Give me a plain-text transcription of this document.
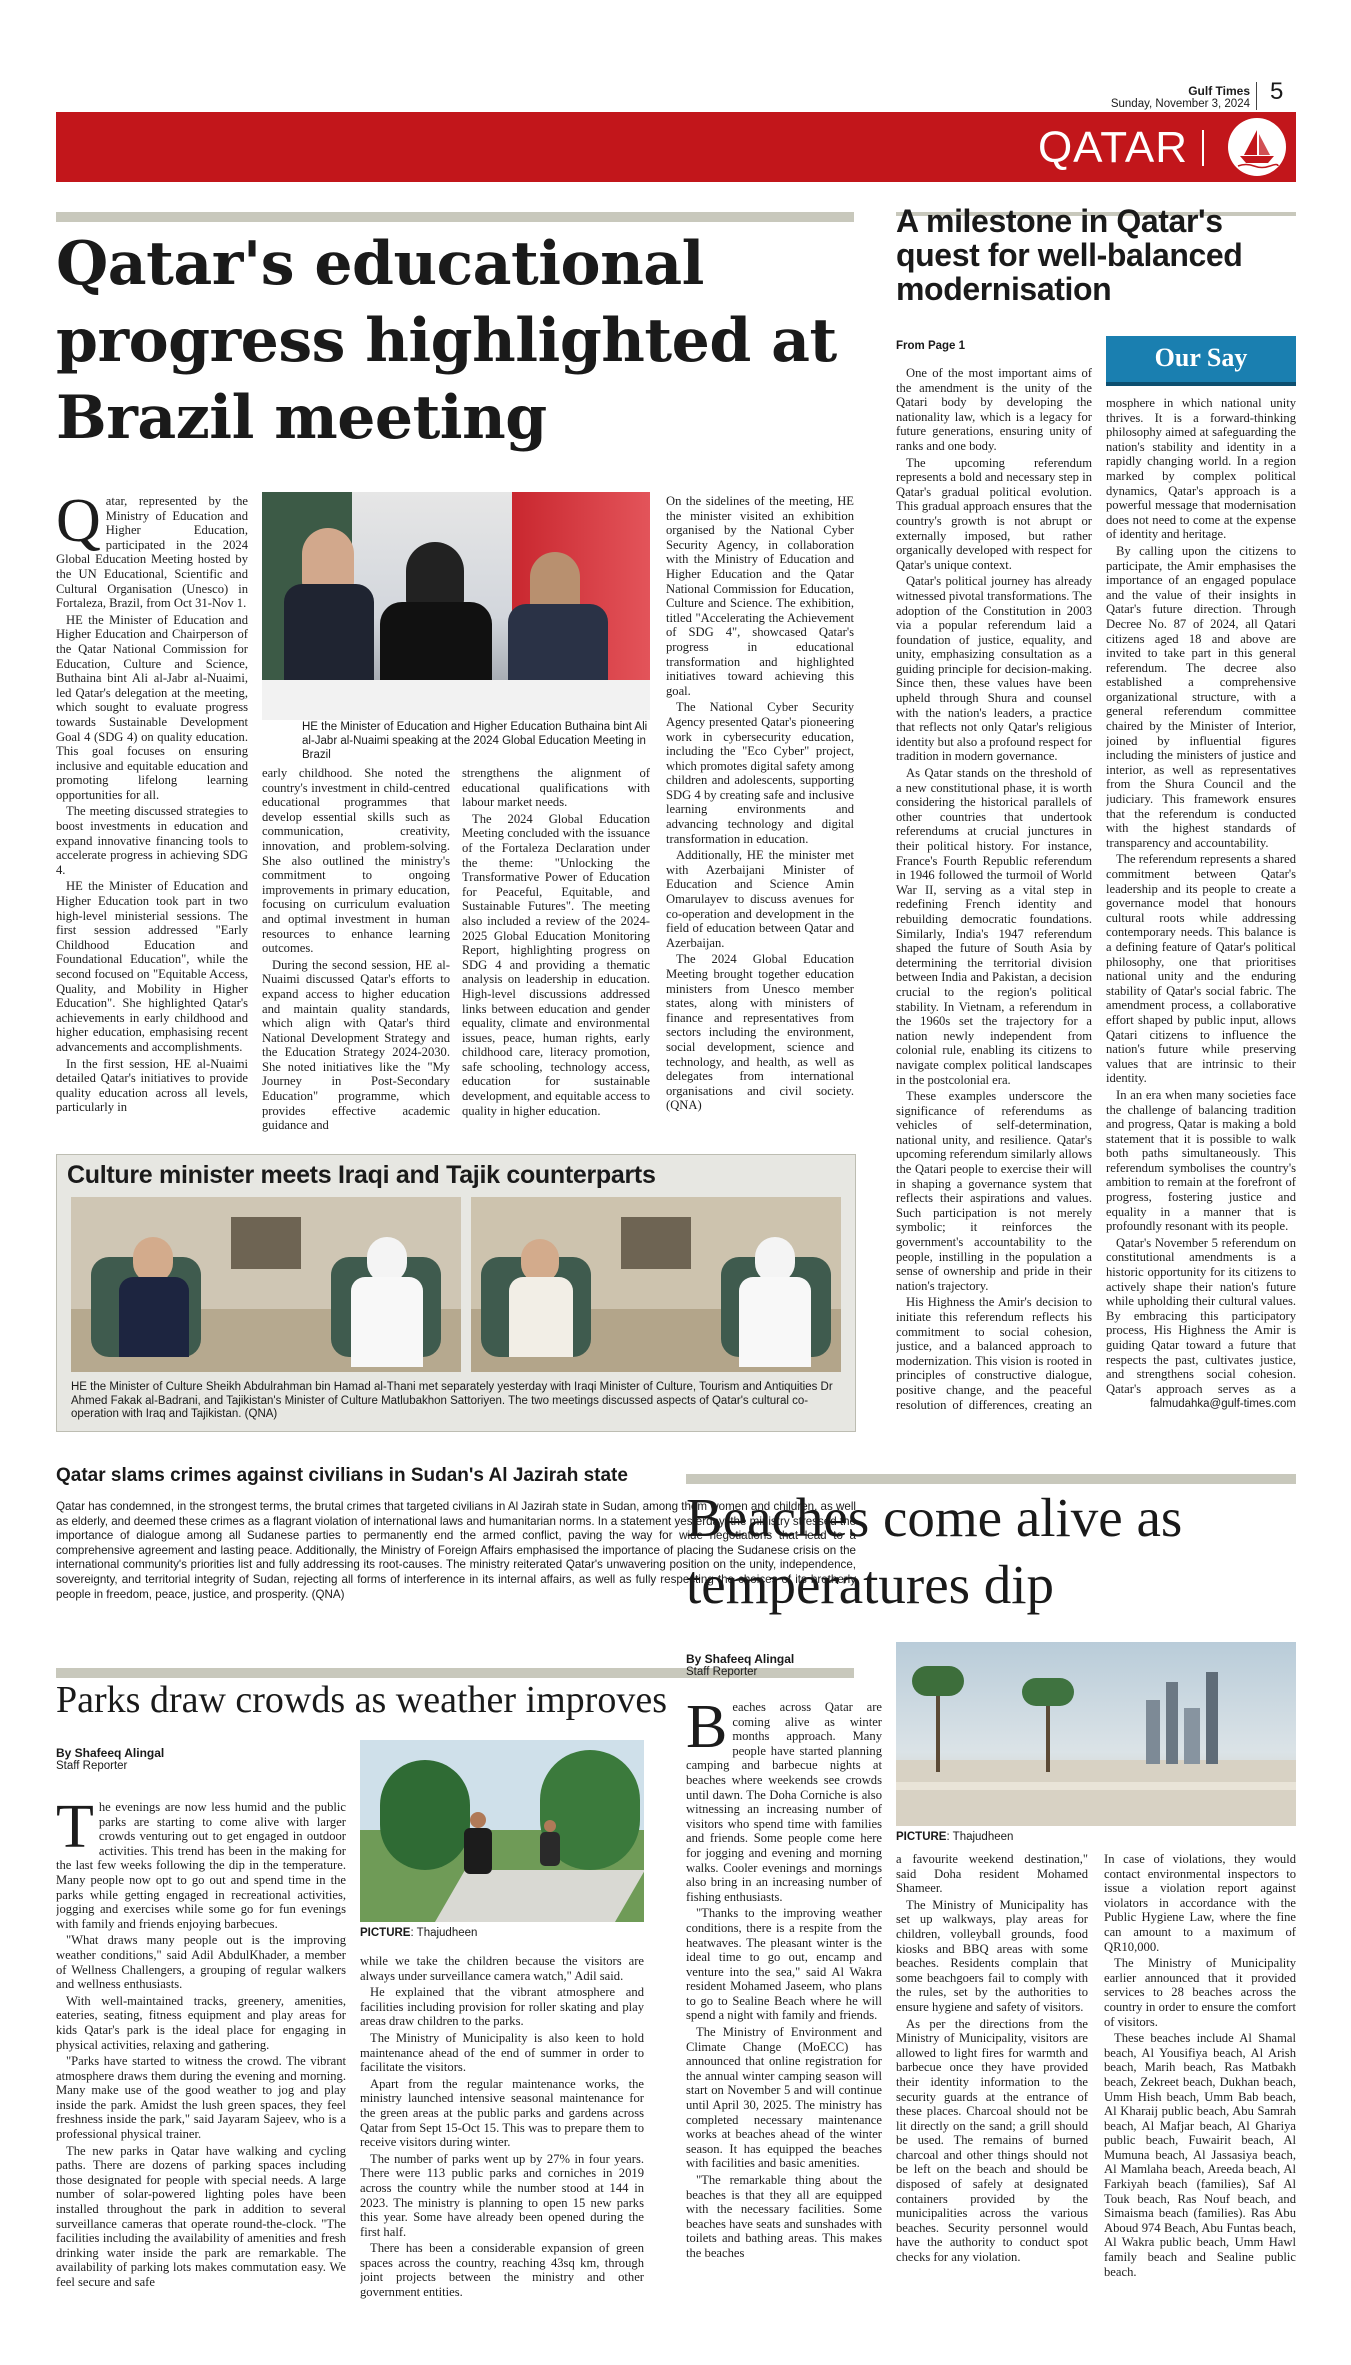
Gulf Times
Sunday, November 3, 2024 5
QATAR
Qatar's educational progress highlighted at Brazil meeting
HE the Minister of Education and Higher Education Buthaina bint Ali al-Jabr al-Nuaimi speaking at the 2024 Global Education Meeting in Brazil

Qatar, represented by the Ministry of Education and Higher Education, participated in the 2024 Global Education Meeting hosted by the UN Educational, Scientific and Cultural Organisation (Unesco) in Fortaleza, Brazil, from Oct 31-Nov 1.

HE the Minister of Education and Higher Education and Chairperson of the Qatar National Commission for Education, Culture and Science, Buthaina bint Ali al-Jabr al-Nuaimi, led Qatar's delegation at the meeting, which sought to evaluate progress towards Sustainable Development Goal 4 (SDG 4) on quality education. This goal focuses on ensuring inclusive and equitable education and promoting lifelong learning opportunities for all.

The meeting discussed strategies to boost investments in education and expand innovative financing tools to accelerate progress in achieving SDG 4.

HE the Minister of Education and Higher Education took part in two high-level ministerial sessions. The first session addressed "Early Childhood Education and Foundational Education", while the second focused on "Equitable Access, Quality, and Mobility in Higher Education". She highlighted Qatar's achievements in early childhood and higher education, emphasising recent advancements and accomplishments.

In the first session, HE al-Nuaimi detailed Qatar's initiatives to provide quality education across all levels, particularly in

early childhood. She noted the country's investment in child-centred educational programmes that develop essential skills such as communication, creativity, innovation, and problem-solving. She also outlined the ministry's commitment to ongoing improvements in primary education, focusing on curriculum evaluation and optimal investment in human resources to enhance learning outcomes.

During the second session, HE al-Nuaimi discussed Qatar's efforts to expand access to higher education and maintain quality standards, which align with Qatar's third National Development Strategy and the Education Strategy 2024-2030. She noted initiatives like the "My Journey in Post-Secondary Education" programme, which provides effective academic guidance and

strengthens the alignment of educational qualifications with labour market needs.

The 2024 Global Education Meeting concluded with the issuance of the Fortaleza Declaration under the theme: "Unlocking the Transformative Power of Education for Peaceful, Equitable, and Sustainable Futures". The meeting also included a review of the 2024-2025 Global Education Monitoring Report, highlighting progress on SDG 4 and providing a thematic analysis on leadership in education. High-level discussions addressed links between education and gender equality, climate and environmental issues, peace, human rights, early childhood care, literacy promotion, safe schooling, technology access, education for sustainable development, and equitable access to quality in higher education.

On the sidelines of the meeting, HE the minister visited an exhibition organised by the National Cyber Security Agency, in collaboration with the Ministry of Education and Higher Education and the Qatar National Commission for Education, Culture and Science. The exhibition, titled "Accelerating the Achievement of SDG 4", showcased Qatar's progress in educational transformation and highlighted initiatives toward achieving this goal.

The National Cyber Security Agency presented Qatar's pioneering work in cybersecurity education, including the "Eco Cyber" project, which promotes digital safety among children and adolescents, supporting SDG 4 by creating safe and inclusive learning environments and advancing technology and digital transformation in education.

Additionally, HE the minister met with Azerbaijani Minister of Education and Science Amin Omarulayev to discuss avenues for co-operation and development in the field of education between Qatar and Azerbaijan.

The 2024 Global Education Meeting brought together education ministers from Unesco member states, along with ministers of finance and representatives from sectors including the environment, social development, science and technology, and health, as well as delegates from international organisations and civil society. (QNA)

Culture minister meets Iraqi and Tajik counterparts
HE the Minister of Culture Sheikh Abdulrahman bin Hamad al-Thani met separately yesterday with Iraqi Minister of Culture, Tourism and Antiquities Dr Ahmed Fakak al-Badrani, and Tajikistan's Minister of Culture Matlubakhon Sattoriyen. The two meetings discussed aspects of Qatar's cultural co-operation with Iraq and Tajikistan. (QNA)
A milestone in Qatar's quest for well-balanced modernisation
From Page 1	Our Say

One of the most important aims of the amendment is the unity of the Qatari body by developing the nationality law, which is a legacy for future generations, ensuring unity of ranks and one body.

The upcoming referendum represents a bold and necessary step in Qatar's gradual political evolution. This gradual approach ensures that the country's growth is not abrupt or externally imposed, but rather organically developed with respect for Qatar's unique context.

Qatar's political journey has already witnessed pivotal transformations. The adoption of the Constitution in 2003 via a popular referendum laid a foundation of justice, equality, and unity, emphasizing consultation as a guiding principle for decision-making. Since then, these values have been upheld through Shura and counsel with the nation's leaders, a practice that reflects not only Qatar's religious identity but also a profound respect for tradition in modern governance.

As Qatar stands on the threshold of a new constitutional phase, it is worth considering the historical parallels of other countries that undertook referendums at crucial junctures in their political history. For instance, France's Fourth Republic referendum in 1946 followed the turmoil of World War II, serving as a vital step in redefining French identity and rebuilding democratic foundations. Similarly, India's 1947 referendum shaped the future of South Asia by determining the territorial division between India and Pakistan, a decision crucial to the region's political stability. In Vietnam, a referendum in the 1960s set the trajectory for a nation newly independent from colonial rule, enabling its citizens to navigate complex political landscapes in the postcolonial era.

These examples underscore the significance of referendums as vehicles of self-determination, national unity, and resilience. Qatar's upcoming referendum similarly allows the Qatari people to exercise their will in shaping a governance system that reflects their aspirations and values. Such participation is not merely symbolic; it reinforces the government's accountability to the people, instilling in the population a sense of ownership and pride in their nation's trajectory.

His Highness the Amir's decision to initiate this referendum reflects his commitment to social cohesion, justice, and a balanced approach to modernization. This vision is rooted in principles of constructive dialogue, positive change, and the peaceful resolution of differences, creating an

mosphere in which national unity thrives. It is a forward-thinking philosophy aimed at safeguarding the nation's stability and identity in a rapidly changing world. In a region marked by complex political dynamics, Qatar's approach is a powerful message that modernisation does not need to come at the expense of identity and heritage.

By calling upon the citizens to participate, the Amir emphasises the importance of an engaged populace and the value of their insights in Qatar's future direction. Through Decree No. 87 of 2024, all Qatari citizens aged 18 and above are invited to take part in this general referendum. The decree also established a comprehensive organizational structure, with a general referendum committee chaired by the Minister of Interior, joined by influential figures including the ministers of justice and interior, as well as representatives from the Shura Council and the judiciary. This framework ensures that the referendum is conducted with the highest standards of transparency and accountability.

The referendum represents a shared commitment between Qatar's leadership and its people to create a governance model that honours cultural roots while addressing contemporary needs. This balance is a defining feature of Qatar's political philosophy, one that prioritises national unity and the enduring stability of Qatar's social fabric. The amendment process, a collaborative effort shaped by public input, allows Qatari citizens to influence the nation's future while preserving values that are intrinsic to their identity.

In an era when many societies face the challenge of balancing tradition and progress, Qatar is making a bold statement that it is possible to walk both paths simultaneously. This referendum symbolises the country's ambition to remain at the forefront of progress, fostering justice and equality in a manner that is profoundly resonant with its people.

Qatar's November 5 referendum on constitutional amendments is a historic opportunity for its citizens to actively shape their nation's future while upholding their cultural values. By embracing this participatory process, His Highness the Amir is guiding Qatar toward a future that respects the past, cultivates justice, and strengthens social cohesion. Qatar's approach serves as a

falmudahka@gulf-times.com
Qatar slams crimes against civilians in Sudan's Al Jazirah state
Qatar has condemned, in the strongest terms, the brutal crimes that targeted civilians in Al Jazirah state in Sudan, among them women and children, as well as elderly, and deemed these crimes as a flagrant violation of international laws and humanitarian norms. In a statement yesterday, the ministry stressed the importance of dialogue among all Sudanese parties to permanently end the armed conflict, paving the way for wide negotiations that lead to a comprehensive agreement and lasting peace. Additionally, the Ministry of Foreign Affairs emphasised the importance of placing the Sudanese crisis on the international community's priorities list and fully addressing its root-causes. The ministry reiterated Qatar's unwavering position on the unity, independence, sovereignty, and territorial integrity of Sudan, rejecting all forms of interference in its internal affairs, as well as fully respecting the choices of its brotherly people in freedom, peace, justice, and prosperity. (QNA)
Parks draw crowds as weather improves
By Shafeeq Alingal
Staff Reporter
PICTURE: Thajudheen

The evenings are now less humid and the public parks are starting to come alive with larger crowds venturing out to get engaged in outdoor activities. This trend has been in the making for the last few weeks following the dip in the temperature. Many people now opt to go out and spend time in the parks while getting engaged in recreational activities, jogging and exercises while some go for fun evenings with family and friends enjoying barbecues.

"What draws many people out is the improving weather conditions," said Adil AbdulKhader, a member of Wellness Challengers, a grouping of regular walkers and wellness enthusiasts.

With well-maintained tracks, greenery, amenities, eateries, seating, fitness equipment and play areas for kids Qatar's park is the ideal place for engaging in physical activities, relaxing and gathering.

"Parks have started to witness the crowd. The vibrant atmosphere draws them during the evening and morning. Many make use of the good weather to jog and play inside the park. Amidst the lush green spaces, they feel freshness inside the park," said Jayaram Sajeev, who is a professional physical trainer.

The new parks in Qatar have walking and cycling paths. There are dozens of parking spaces including those designated for people with special needs. A large number of solar-powered lighting poles have been installed throughout the park in addition to several surveillance cameras that operate round-the-clock. "The facilities including the availability of amenities and fresh drinking water inside the park are remarkable. The availability of parking lots makes commutation easy. We feel secure and safe

while we take the children because the visitors are always under surveillance camera watch," Adil said.

He explained that the vibrant atmosphere and facilities including provision for roller skating and play areas draw children to the parks.

The Ministry of Municipality is also keen to hold maintenance ahead of the end of summer in order to facilitate the visitors.

Apart from the regular maintenance works, the ministry launched intensive seasonal maintenance for the green areas at the public parks and gardens across Qatar from Sept 15-Oct 15. This was to prepare them to receive visitors during winter.

The number of parks went up by 27% in four years. There were 113 public parks and corniches in 2019 across the country while the number stood at 144 in 2023. The ministry is planning to open 15 new parks this year. Some have already been opened during the first half.

There has been a considerable expansion of green spaces across the country, reaching 43sq km, through joint projects between the ministry and other government entities.

Beaches come alive as temperatures dip
By Shafeeq Alingal
Staff Reporter
PICTURE: Thajudheen

Beaches across Qatar are coming alive as winter months approach. Many people have started planning camping and barbecue nights at beaches where weekends see crowds until dawn. The Doha Corniche is also witnessing an increasing number of visitors who spend time with families and friends. Some people come here for jogging and evening and morning walks. Cooler evenings and mornings also bring in an increasing number of fishing enthusiasts.

"Thanks to the improving weather conditions, there is a respite from the heatwaves. The pleasant winter is the ideal time to go out, encamp and venture into the sea," said Al Wakra resident Mohamed Jaseem, who plans to go to Sealine Beach where he will spend a night with family and friends.

The Ministry of Environment and Climate Change (MoECC) has announced that online registration for the annual winter camping season will start on November 5 and will continue until April 30, 2025. The ministry has completed necessary maintenance works at beaches ahead of the winter season. It has equipped the beaches with facilities and basic amenities.

"The remarkable thing about the beaches is that they all are equipped with the necessary facilities. Some beaches have seats and sunshades with toilets and bathing areas. This makes the beaches

a favourite weekend destination," said Doha resident Mohamed Shameer.

The Ministry of Municipality has set up walkways, play areas for children, volleyball grounds, food kiosks and BBQ areas with some beaches. Residents complain that some beachgoers fail to comply with the rules, set by the authorities to ensure hygiene and safety of visitors.

As per the directions from the Ministry of Municipality, visitors are allowed to light fires for warmth and barbecue once they have provided their identity information to the security guards at the entrance of these places. Charcoal should not be lit directly on the sand; a grill should be used. The remains of burned charcoal and other things should not be left on the beach and should be disposed of safely at designated containers provided by the municipalities across the various beaches. Security personnel would have the authority to conduct spot checks for any violation.

In case of violations, they would contact environmental inspectors to issue a violation report against violators in accordance with the Public Hygiene Law, where the fine can amount to a maximum of QR10,000.

The Ministry of Municipality earlier announced that it provided services to 28 beaches across the country in order to ensure the comfort of visitors.

These beaches include Al Shamal beach, Al Yousifiya beach, Al Arish beach, Marih beach, Ras Matbakh beach, Zekreet beach, Dukhan beach, Umm Hish beach, Umm Bab beach, Al Kharaij public beach, Abu Samrah beach, Al Mafjar beach, Al Ghariya public beach, Fuwairit beach, Al Mumuna beach, Al Jassasiya beach, Al Mamlaha beach, Areeda beach, Al Farkiyah beach (families), Saf Al Touk beach, Ras Nouf beach, and Simaisma beach (families). Ras Abu Aboud 974 Beach, Abu Funtas beach, Al Wakra public beach, Umm Hawl family beach and Sealine public beach.
